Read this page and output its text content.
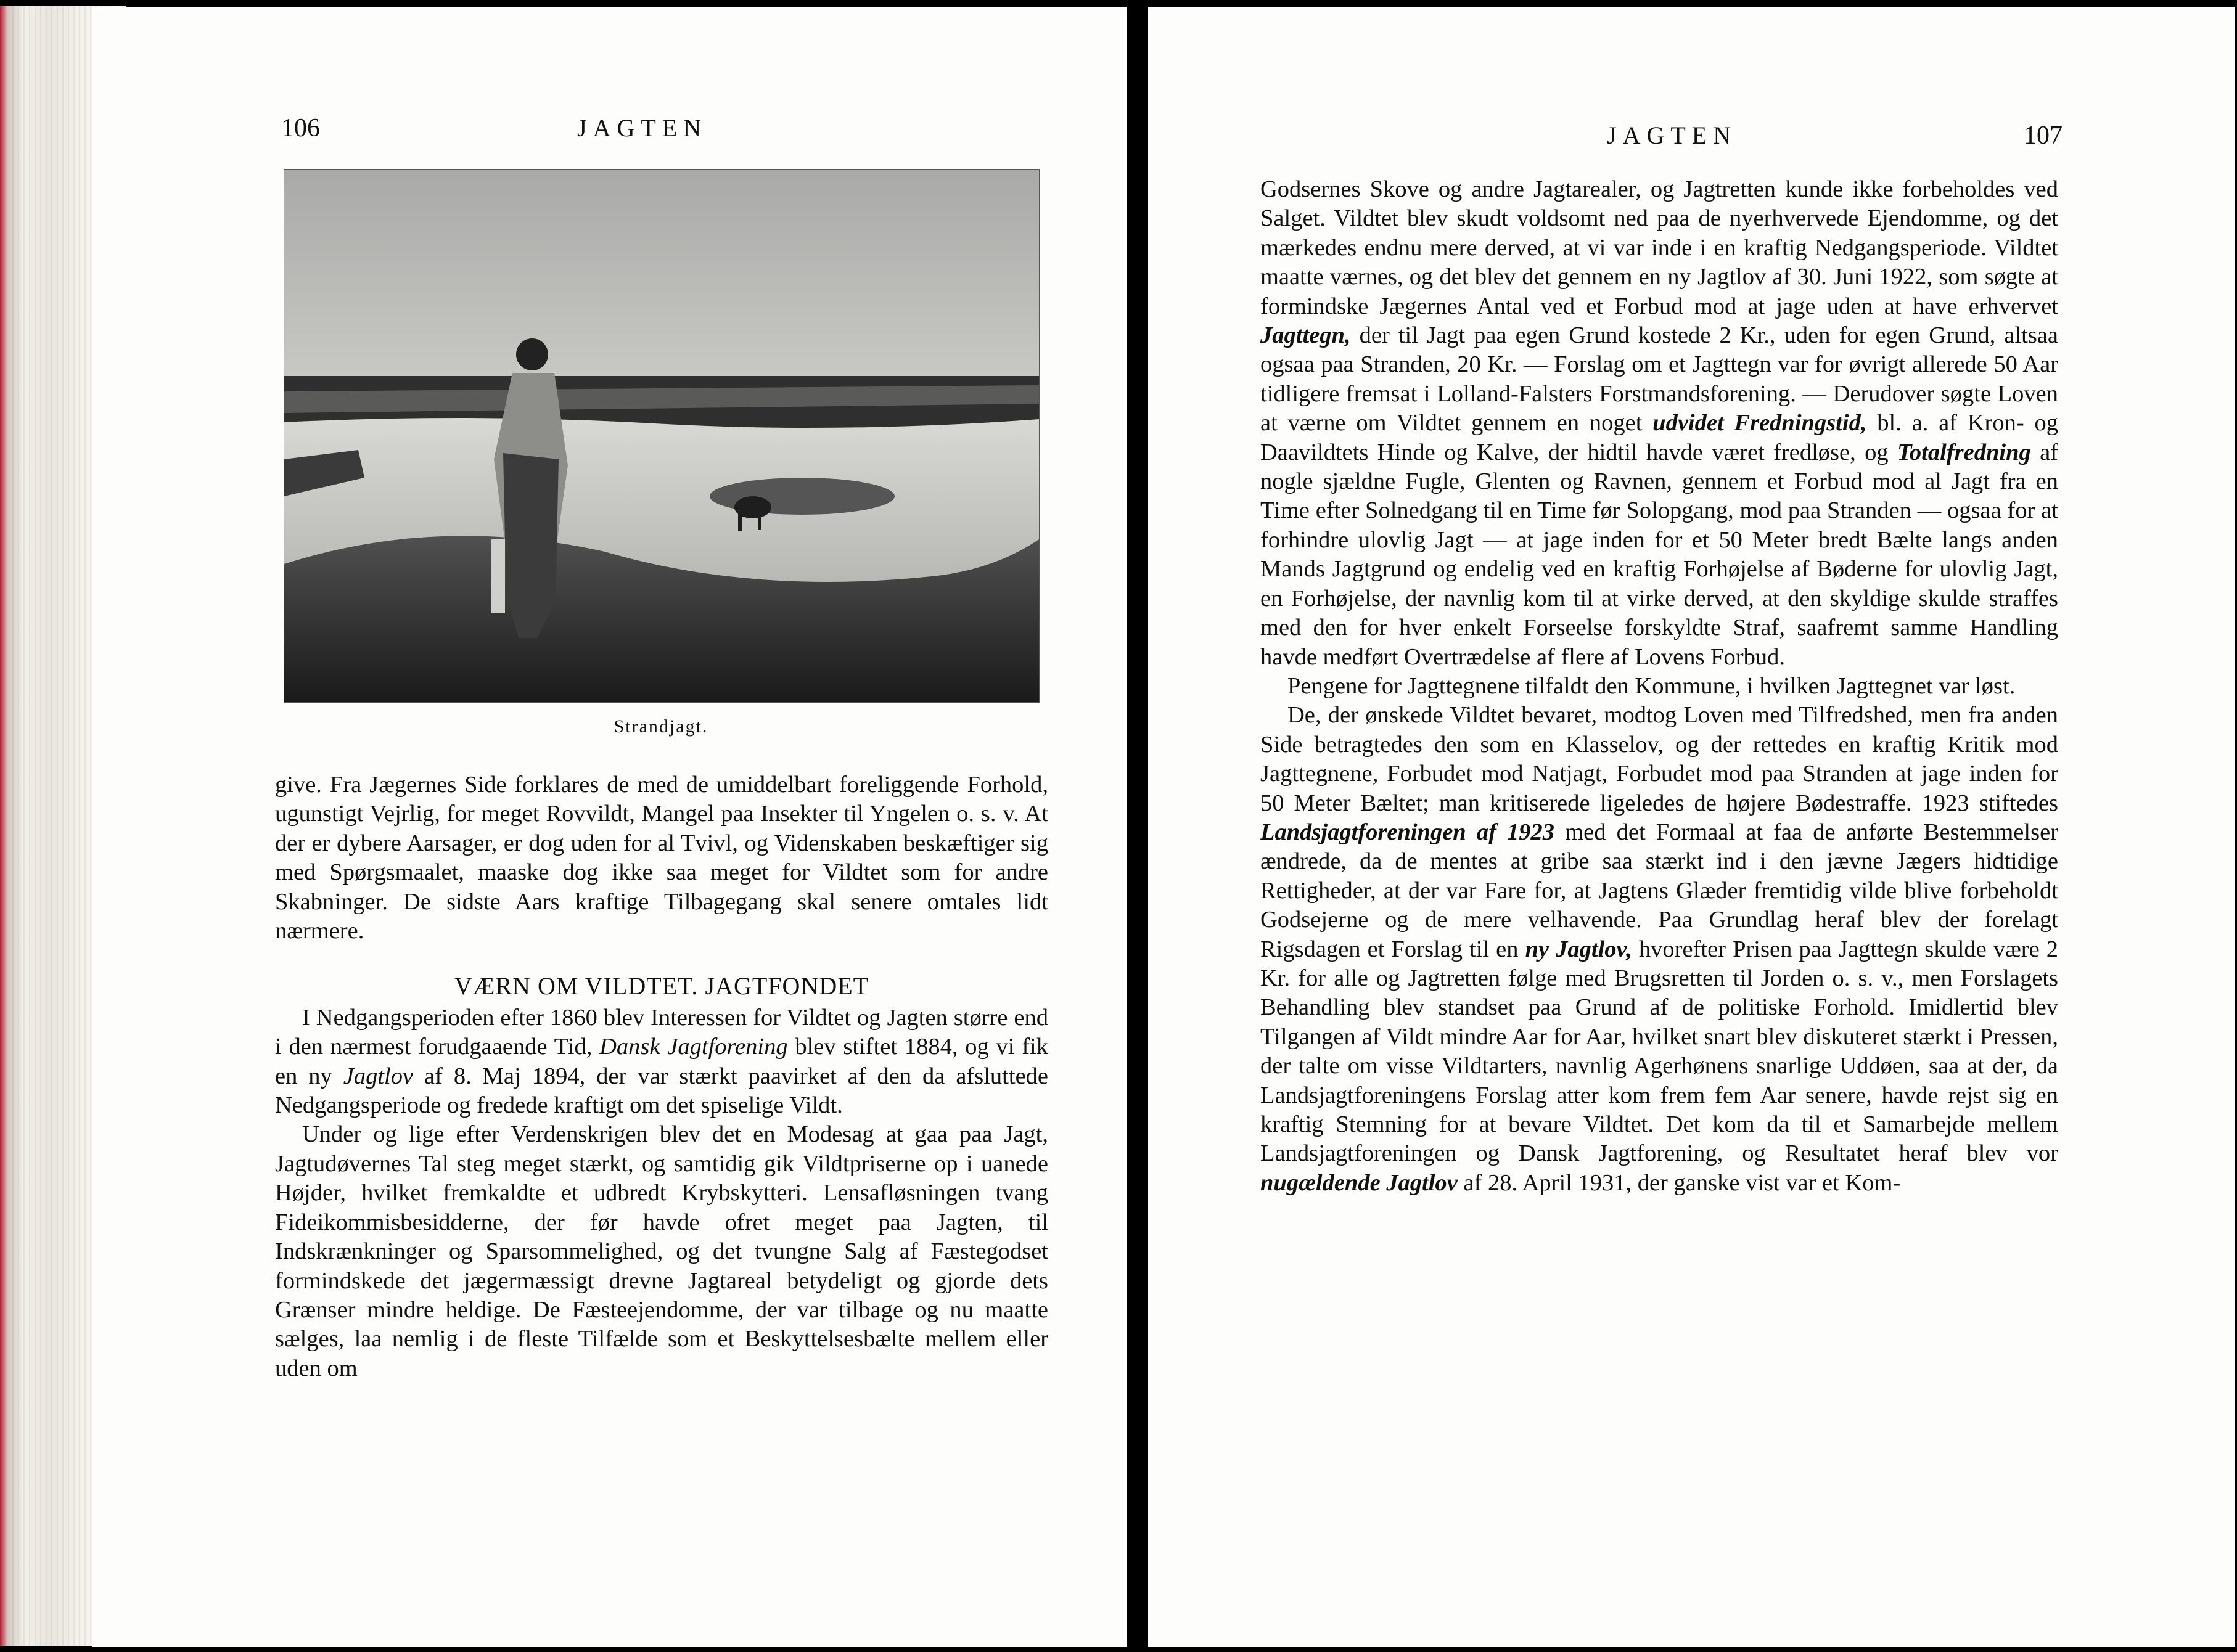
106	JAGTEN
Strandjagt.

give. Fra Jægernes Side forklares de med de umiddelbart foreliggende Forhold, ugunstigt Vejrlig, for meget Rovvildt, Mangel paa Insekter til Yngelen o. s. v. At der er dybere Aarsager, er dog uden for al Tvivl, og Videnskaben beskæftiger sig med Spørgsmaalet, maaske dog ikke saa meget for Vildtet som for andre Skabninger. De sidste Aars kraftige Tilbagegang skal senere omtales lidt nærmere.

VÆRN OM VILDTET. JAGTFONDET

I Nedgangsperioden efter 1860 blev Interessen for Vildtet og Jagten større end i den nærmest forudgaaende Tid, Dansk Jagtforening blev stiftet 1884, og vi fik en ny Jagtlov af 8. Maj 1894, der var stærkt paavirket af den da afsluttede Nedgangsperiode og fredede kraftigt om det spiselige Vildt.

Under og lige efter Verdenskrigen blev det en Modesag at gaa paa Jagt, Jagtudøvernes Tal steg meget stærkt, og samtidig gik Vildtpriserne op i uanede Højder, hvilket fremkaldte et udbredt Krybskytteri. Lensafløsningen tvang Fideikommisbesidderne, der før havde ofret meget paa Jagten, til Indskrænkninger og Sparsommelighed, og det tvungne Salg af Fæstegodset formindskede det jægermæssigt drevne Jagtareal betydeligt og gjorde dets Grænser mindre heldige. De Fæsteejendomme, der var tilbage og nu maatte sælges, laa nemlig i de fleste Tilfælde som et Beskyttelsesbælte mellem eller uden om

JAGTEN	107

Godsernes Skove og andre Jagtarealer, og Jagtretten kunde ikke forbeholdes ved Salget. Vildtet blev skudt voldsomt ned paa de nyerhvervede Ejendomme, og det mærkedes endnu mere derved, at vi var inde i en kraftig Nedgangsperiode. Vildtet maatte værnes, og det blev det gennem en ny Jagtlov af 30. Juni 1922, som søgte at formindske Jægernes Antal ved et Forbud mod at jage uden at have erhvervet Jagttegn, der til Jagt paa egen Grund kostede 2 Kr., uden for egen Grund, altsaa ogsaa paa Stranden, 20 Kr. — Forslag om et Jagttegn var for øvrigt allerede 50 Aar tidligere fremsat i Lolland-Falsters Forstmandsforening. — Derudover søgte Loven at værne om Vildtet gennem en noget udvidet Fredningstid, bl. a. af Kron- og Daavildtets Hinde og Kalve, der hidtil havde været fredløse, og Totalfredning af nogle sjældne Fugle, Glenten og Ravnen, gennem et Forbud mod al Jagt fra en Time efter Solnedgang til en Time før Solopgang, mod paa Stranden — ogsaa for at forhindre ulovlig Jagt — at jage inden for et 50 Meter bredt Bælte langs anden Mands Jagtgrund og endelig ved en kraftig Forhøjelse af Bøderne for ulovlig Jagt, en Forhøjelse, der navnlig kom til at virke derved, at den skyldige skulde straffes med den for hver enkelt Forseelse forskyldte Straf, saafremt samme Handling havde medført Overtrædelse af flere af Lovens Forbud.

Pengene for Jagttegnene tilfaldt den Kommune, i hvilken Jagttegnet var løst.

De, der ønskede Vildtet bevaret, modtog Loven med Tilfredshed, men fra anden Side betragtedes den som en Klasselov, og der rettedes en kraftig Kritik mod Jagttegnene, Forbudet mod Natjagt, Forbudet mod paa Stranden at jage inden for 50 Meter Bæltet; man kritiserede ligeledes de højere Bødestraffe. 1923 stiftedes Landsjagtforeningen af 1923 med det Formaal at faa de anførte Bestemmelser ændrede, da de mentes at gribe saa stærkt ind i den jævne Jægers hidtidige Rettigheder, at der var Fare for, at Jagtens Glæder fremtidig vilde blive forbeholdt Godsejerne og de mere velhavende. Paa Grundlag heraf blev der forelagt Rigsdagen et Forslag til en ny Jagtlov, hvorefter Prisen paa Jagttegn skulde være 2 Kr. for alle og Jagtretten følge med Brugsretten til Jorden o. s. v., men Forslagets Behandling blev standset paa Grund af de politiske Forhold. Imidlertid blev Tilgangen af Vildt mindre Aar for Aar, hvilket snart blev diskuteret stærkt i Pressen, der talte om visse Vildtarters, navnlig Agerhønens snarlige Uddøen, saa at der, da Landsjagtforeningens Forslag atter kom frem fem Aar senere, havde rejst sig en kraftig Stemning for at bevare Vildtet. Det kom da til et Samarbejde mellem Landsjagtforeningen og Dansk Jagtforening, og Resultatet heraf blev vor nugældende Jagtlov af 28. April 1931, der ganske vist var et Kom-
